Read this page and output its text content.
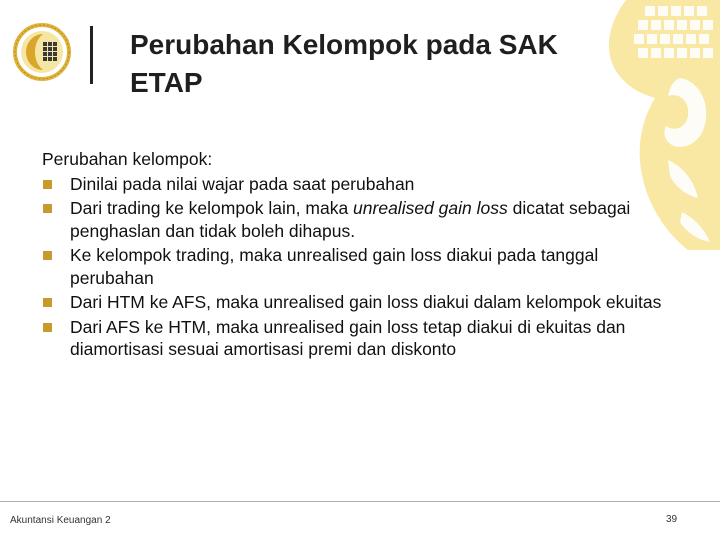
Perubahan Kelompok pada SAK ETAP

Perubahan kelompok:

Dinilai pada nilai wajar pada saat perubahan
Dari trading ke kelompok lain, maka unrealised gain loss dicatat sebagai penghaslan dan tidak boleh dihapus.
Ke kelompok trading, maka unrealised gain loss diakui pada tanggal perubahan
Dari HTM ke AFS, maka unrealised gain loss diakui dalam kelompok ekuitas
Dari AFS ke HTM, maka unrealised gain loss tetap diakui di ekuitas dan diamortisasi sesuai amortisasi premi dan diskonto
Akuntansi Keuangan 2	39
